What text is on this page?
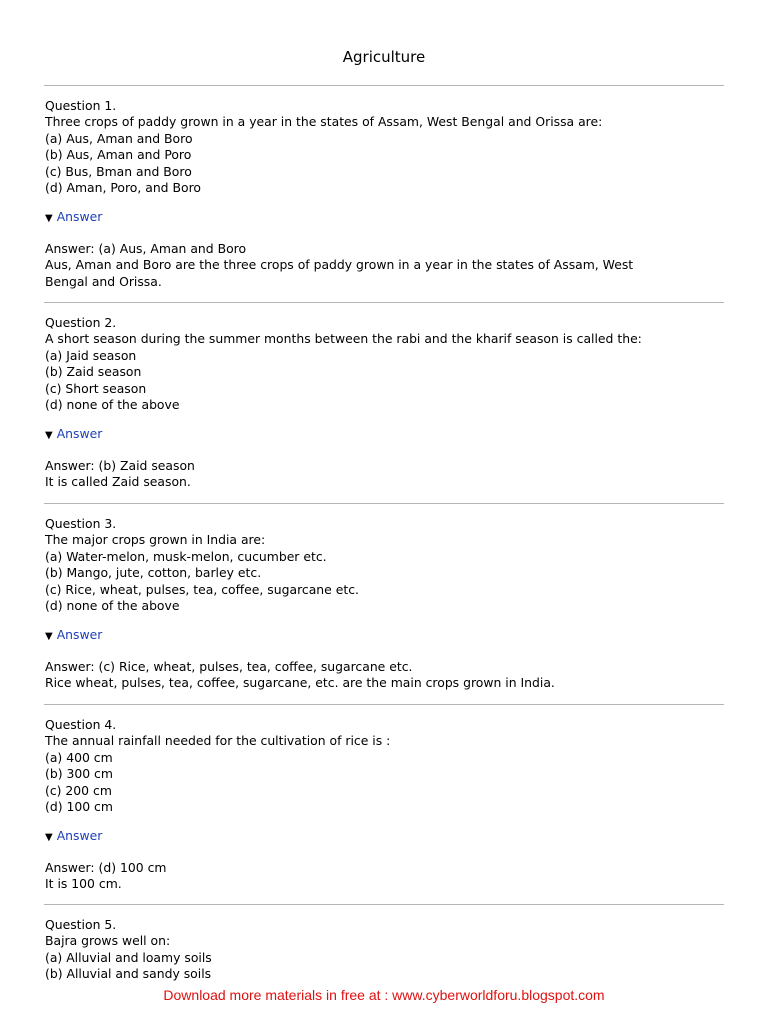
Agriculture
Question 1.
Three crops of paddy grown in a year in the states of Assam, West Bengal and Orissa are:
(a) Aus, Aman and Boro
(b) Aus, Aman and Poro
(c) Bus, Bman and Boro
(d) Aman, Poro, and Boro
▼ Answer
Answer: (a) Aus, Aman and Boro
Aus, Aman and Boro are the three crops of paddy grown in a year in the states of Assam, West
Bengal and Orissa.
Question 2.
A short season during the summer months between the rabi and the kharif season is called the:
(a) Jaid season
(b) Zaid season
(c) Short season
(d) none of the above
▼ Answer
Answer: (b) Zaid season
It is called Zaid season.
Question 3.
The major crops grown in India are:
(a) Water-melon, musk-melon, cucumber etc.
(b) Mango, jute, cotton, barley etc.
(c) Rice, wheat, pulses, tea, coffee, sugarcane etc.
(d) none of the above
▼ Answer
Answer: (c) Rice, wheat, pulses, tea, coffee, sugarcane etc.
Rice wheat, pulses, tea, coffee, sugarcane, etc. are the main crops grown in India.
Question 4.
The annual rainfall needed for the cultivation of rice is :
(a) 400 cm
(b) 300 cm
(c) 200 cm
(d) 100 cm
▼ Answer
Answer: (d) 100 cm
It is 100 cm.
Question 5.
Bajra grows well on:
(a) Alluvial and loamy soils
(b) Alluvial and sandy soils
Download more materials in free at : www.cyberworldforu.blogspot.com
